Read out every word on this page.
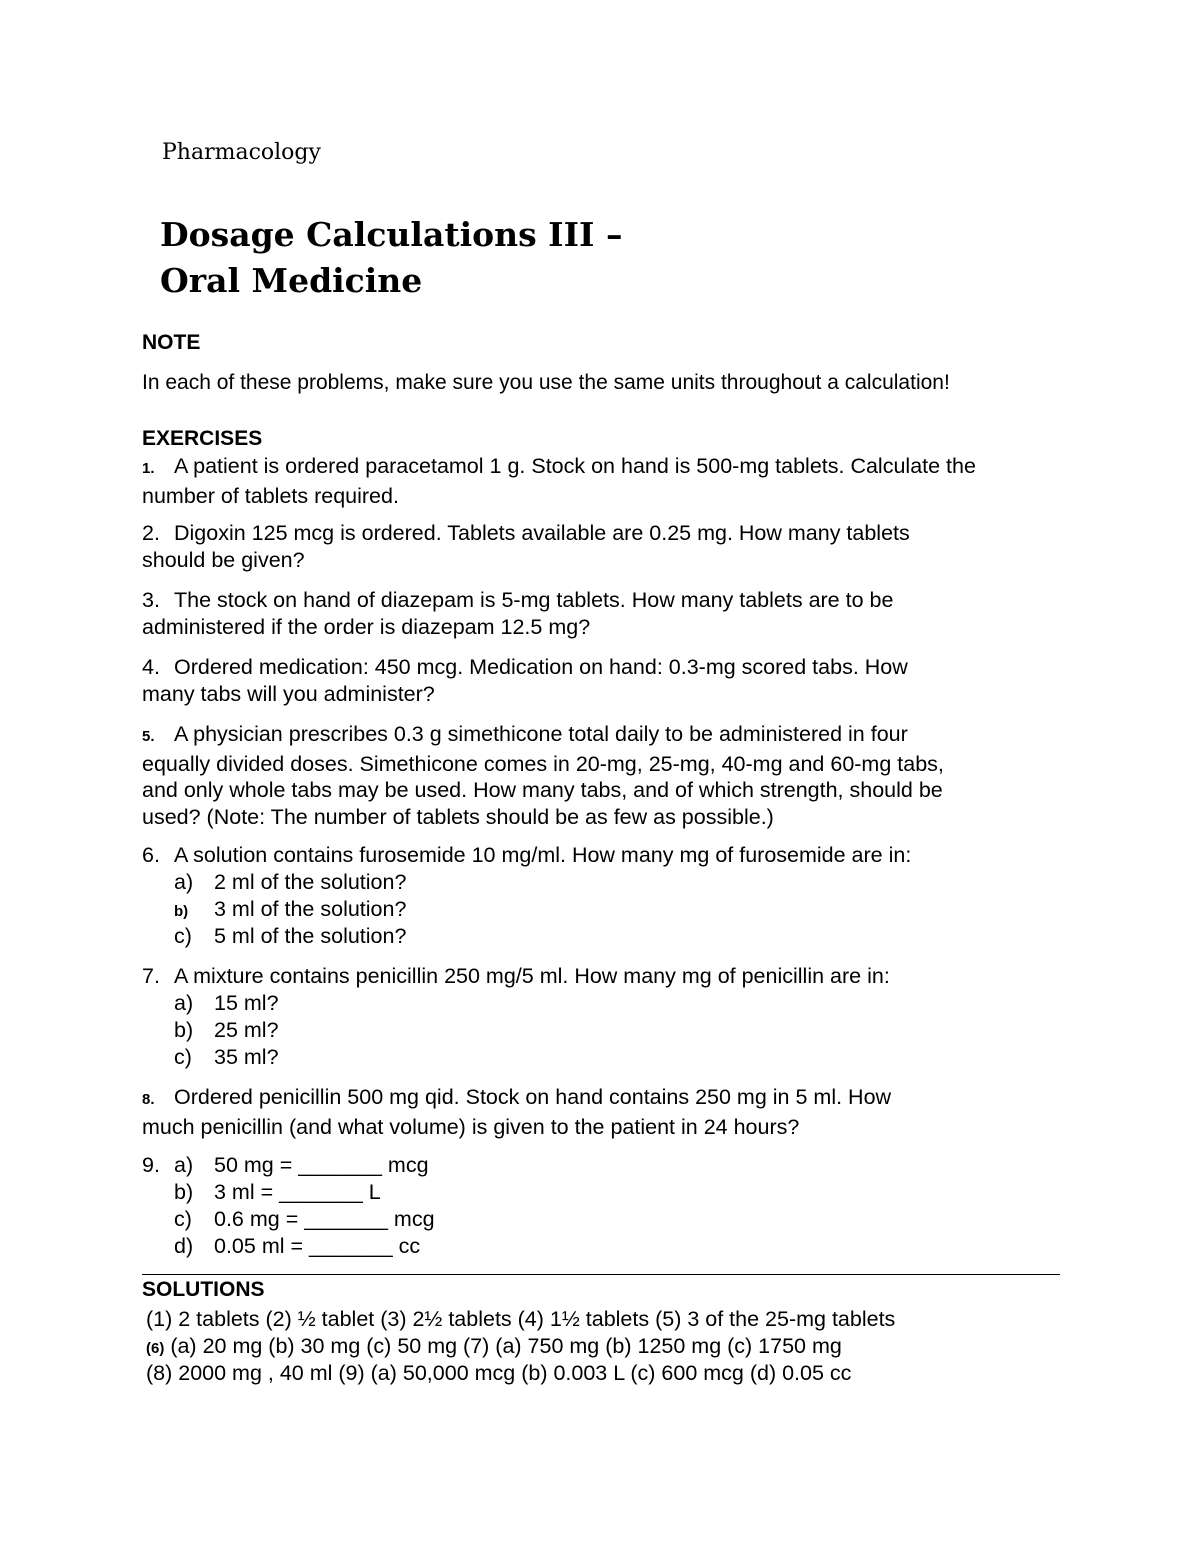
Pharmacology
Dosage Calculations III –
Oral Medicine
NOTE
In each of these problems, make sure you use the same units throughout a calculation!
EXERCISES
1. A patient is ordered paracetamol 1 g. Stock on hand is 500-mg tablets. Calculate the
number of tablets required.
2. Digoxin 125 mcg is ordered. Tablets available are 0.25 mg. How many tablets
should be given?
3. The stock on hand of diazepam is 5-mg tablets. How many tablets are to be
administered if the order is diazepam 12.5 mg?
4. Ordered medication: 450 mcg. Medication on hand: 0.3-mg scored tabs. How
many tabs will you administer?
5. A physician prescribes 0.3 g simethicone total daily to be administered in four
equally divided doses. Simethicone comes in 20-mg, 25-mg, 40-mg and 60-mg tabs,
and only whole tabs may be used. How many tabs, and of which strength, should be
used? (Note: The number of tablets should be as few as possible.)
6. A solution contains furosemide 10 mg/ml. How many mg of furosemide are in:
a) 2 ml of the solution?
b) 3 ml of the solution?
c) 5 ml of the solution?
7. A mixture contains penicillin 250 mg/5 ml. How many mg of penicillin are in:
a) 15 ml?
b) 25 ml?
c) 35 ml?
8. Ordered penicillin 500 mg qid. Stock on hand contains 250 mg in 5 ml. How
much penicillin (and what volume) is given to the patient in 24 hours?
9. a) 50 mg = _______ mcg
b) 3 ml = _______ L
c) 0.6 mg = _______ mcg
d) 0.05 ml = _______ cc
SOLUTIONS
(1) 2 tablets (2) ½ tablet (3) 2½ tablets (4) 1½ tablets (5) 3 of the 25-mg tablets
(6) (a) 20 mg (b) 30 mg (c) 50 mg (7) (a) 750 mg (b) 1250 mg (c) 1750 mg
(8) 2000 mg , 40 ml (9) (a) 50,000 mcg (b) 0.003 L (c) 600 mcg (d) 0.05 cc
